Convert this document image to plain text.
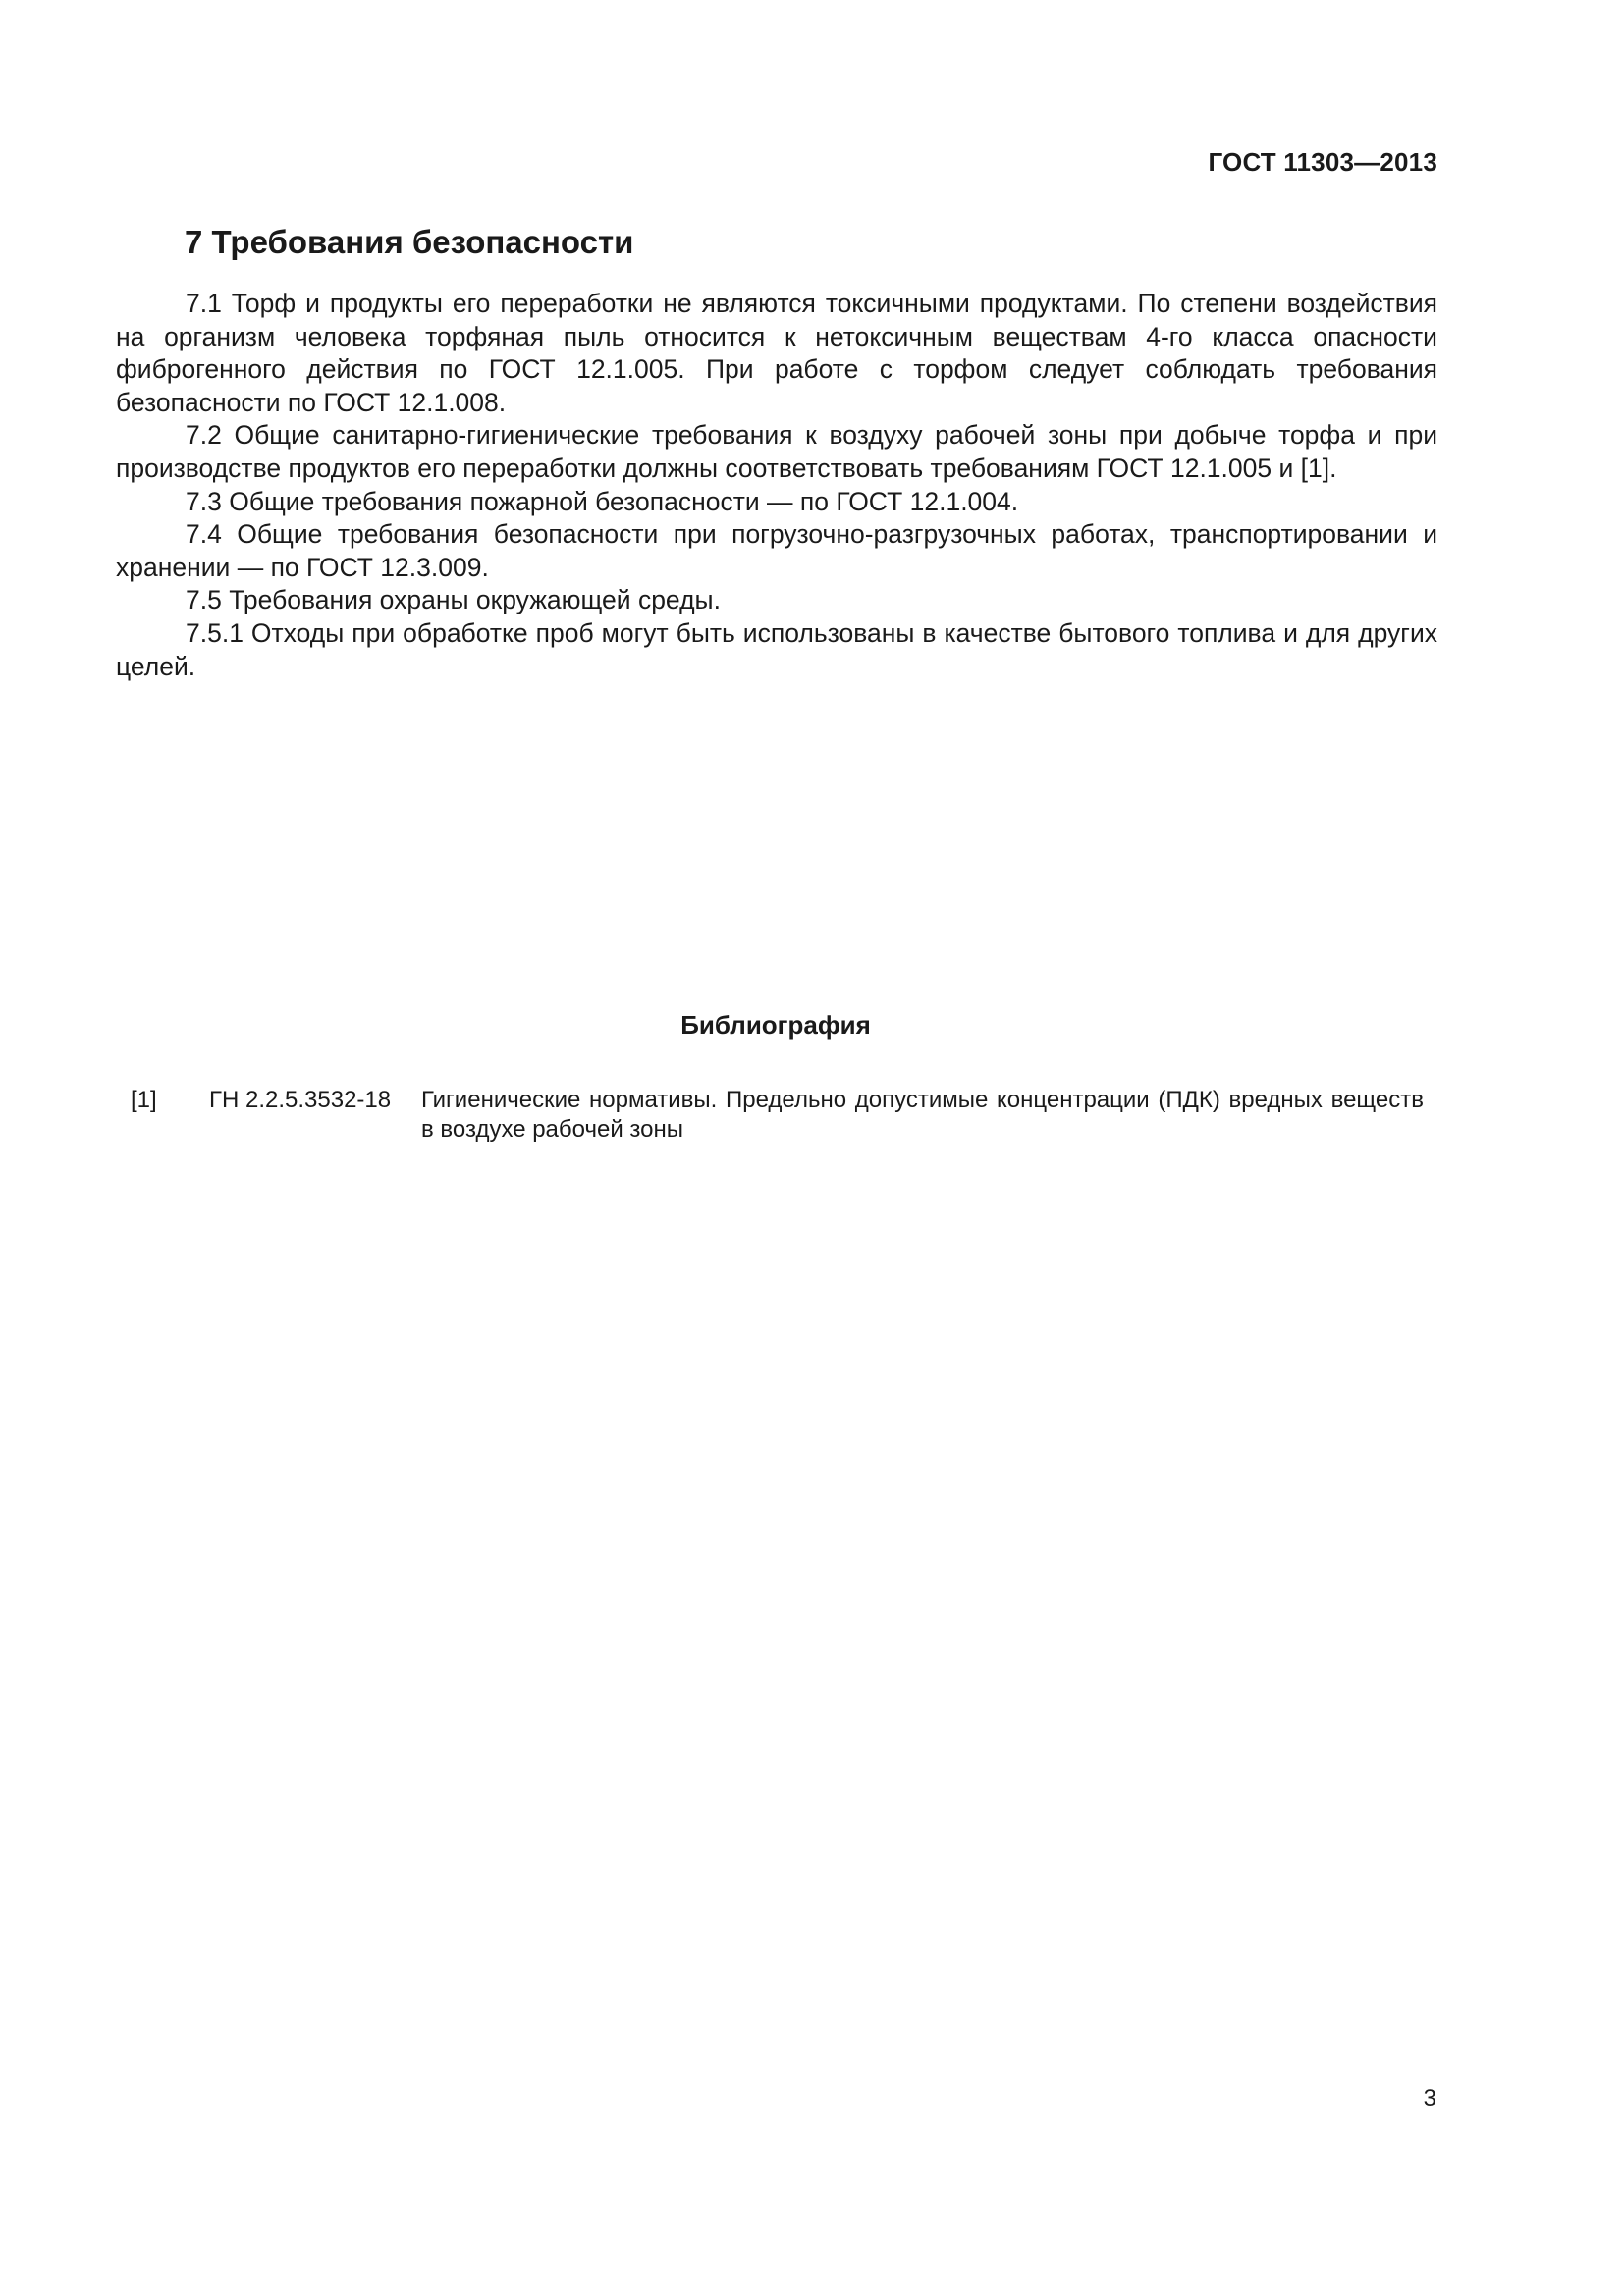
ГОСТ 11303—2013
7 Требования безопасности

7.1 Торф и продукты его переработки не являются токсичными продуктами. По степени воздействия на организм человека торфяная пыль относится к нетоксичным веществам 4-го класса опасности фиброгенного действия по ГОСТ 12.1.005. При работе с торфом следует соблюдать требования безопасности по ГОСТ 12.1.008.

7.2 Общие санитарно-гигиенические требования к воздуху рабочей зоны при добыче торфа и при производстве продуктов его переработки должны соответствовать требованиям ГОСТ 12.1.005 и [1].

7.3 Общие требования пожарной безопасности — по ГОСТ 12.1.004.

7.4 Общие требования безопасности при погрузочно-разгрузочных работах, транспортировании и хранении — по ГОСТ 12.3.009.

7.5 Требования охраны окружающей среды.

7.5.1 Отходы при обработке проб могут быть использованы в качестве бытового топлива и для других целей.

Библиография
[1] ГН 2.2.5.3532-18 Гигиенические нормативы. Предельно допустимые концентрации (ПДК) вредных веществ в воздухе рабочей зоны
3
